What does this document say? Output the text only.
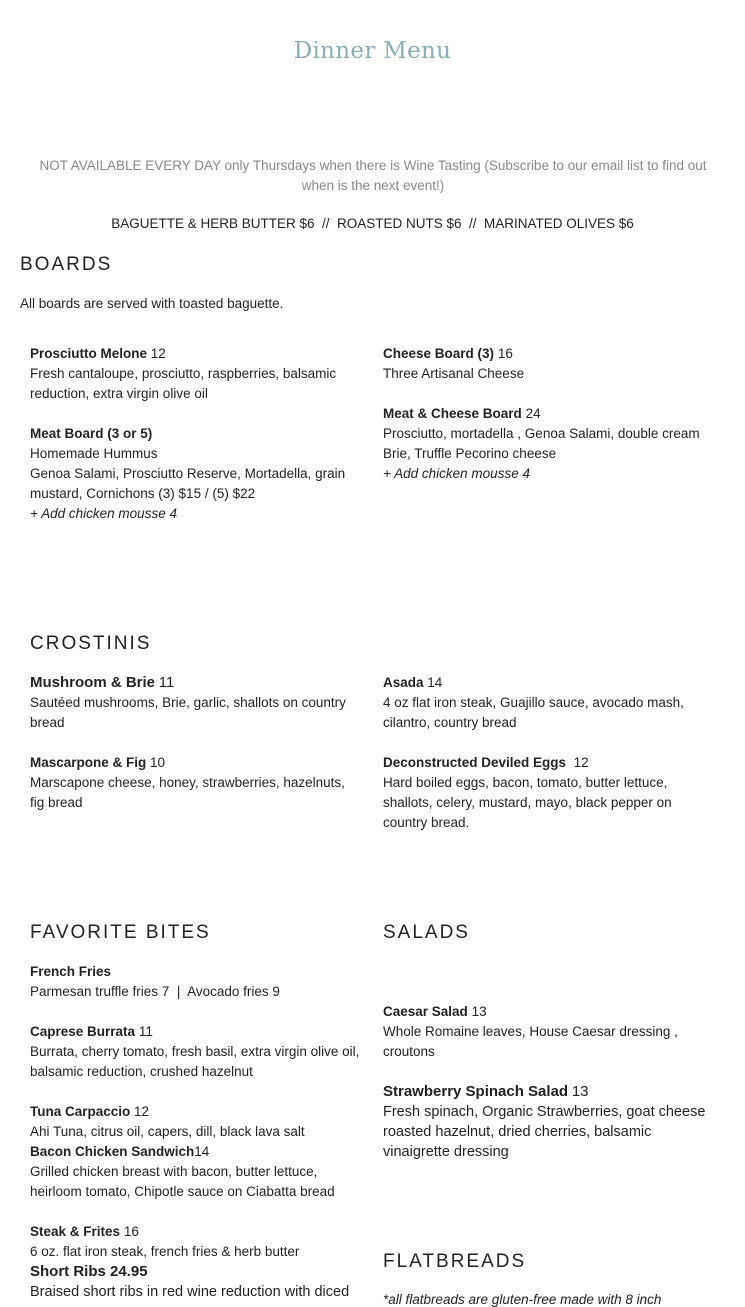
Dinner Menu
NOT AVAILABLE EVERY DAY only Thursdays when there is Wine Tasting (Subscribe to our email list to find out when is the next event!)
BAGUETTE & HERB BUTTER $6  //  ROASTED NUTS $6  //  MARINATED OLIVES $6
BOARDS
All boards are served with toasted baguette.
Prosciutto Melone 12
Fresh cantaloupe, prosciutto, raspberries, balsamic reduction, extra virgin olive oil
Meat Board (3 or 5)
Homemade Hummus
Genoa Salami, Prosciutto Reserve, Mortadella, grain mustard, Cornichons (3) $15 / (5) $22
+ Add chicken mousse 4
Cheese Board (3) 16
Three Artisanal Cheese
Meat & Cheese Board 24
Prosciutto, mortadella , Genoa Salami, double cream Brie, Truffle Pecorino cheese
+ Add chicken mousse 4
CROSTINIS
Mushroom & Brie 11
Sautéed mushrooms, Brie, garlic, shallots on country bread
Mascarpone & Fig 10
Marscapone cheese, honey, strawberries, hazelnuts, fig bread
Asada 14
4 oz flat iron steak, Guajillo sauce, avocado mash, cilantro, country bread
Deconstructed Deviled Eggs 12
Hard boiled eggs, bacon, tomato, butter lettuce, shallots, celery, mustard, mayo, black pepper on country bread.
FAVORITE BITES
French Fries
Parmesan truffle fries 7  |  Avocado fries 9
Caprese Burrata 11
Burrata, cherry tomato, fresh basil, extra virgin olive oil, balsamic reduction, crushed hazelnut
Tuna Carpaccio 12
Ahi Tuna, citrus oil, capers, dill, black lava salt
Bacon Chicken Sandwich14
Grilled chicken breast with bacon, butter lettuce, heirloom tomato, Chipotle sauce on Ciabatta bread
Steak & Frites 16
6 oz. flat iron steak, french fries & herb butter
Short Ribs 24.95
Braised short ribs in red wine reduction with diced
SALADS
Caesar Salad 13
Whole Romaine leaves, House Caesar dressing , croutons
Strawberry Spinach Salad 13
Fresh spinach, Organic Strawberries, goat cheese roasted hazelnut, dried cherries, balsamic vinaigrette dressing
FLATBREADS
*all flatbreads are gluten-free made with 8 inch
